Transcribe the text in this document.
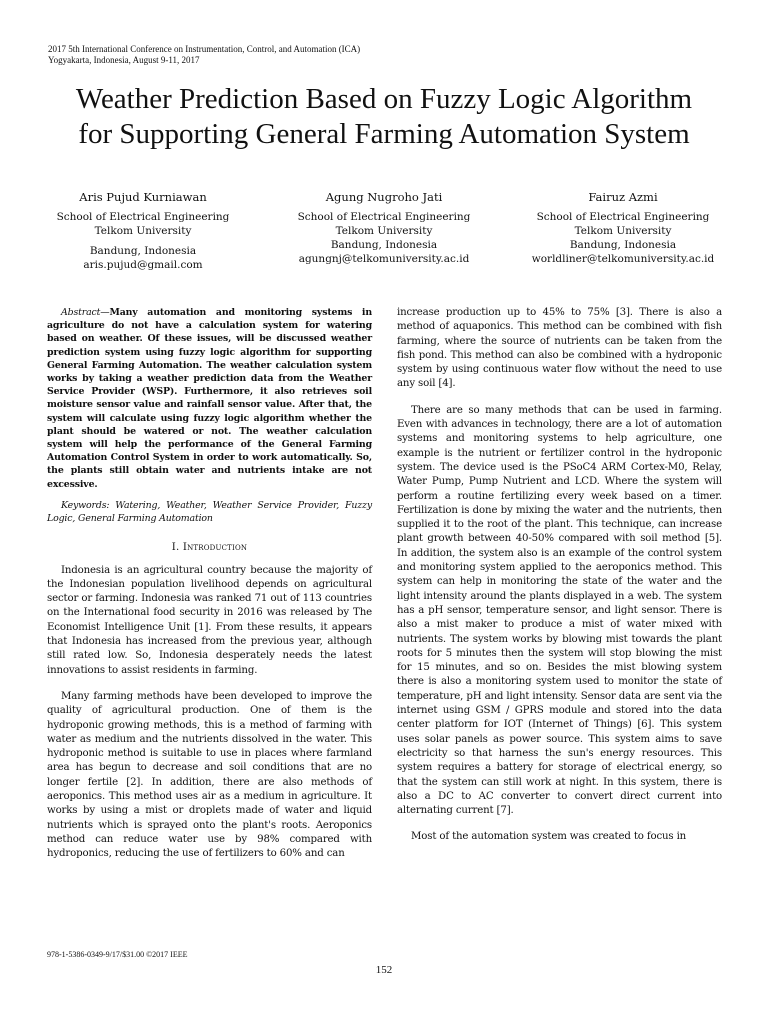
2017 5th International Conference on Instrumentation, Control, and Automation (ICA)
Yogyakarta, Indonesia, August 9-11, 2017
Weather Prediction Based on Fuzzy Logic Algorithm
for Supporting General Farming Automation System
Aris Pujud Kurniawan
School of Electrical Engineering
Telkom University
Bandung, Indonesia
aris.pujud@gmail.com
Agung Nugroho Jati
School of Electrical Engineering
Telkom University
Bandung, Indonesia
agungnj@telkomuniversity.ac.id
Fairuz Azmi
School of Electrical Engineering
Telkom University
Bandung, Indonesia
worldliner@telkomuniversity.ac.id

Abstract—Many automation and monitoring systems in agriculture do not have a calculation system for watering based on weather. Of these issues, will be discussed weather prediction system using fuzzy logic algorithm for supporting General Farming Automation. The weather calculation system works by taking a weather prediction data from the Weather Service Provider (WSP). Furthermore, it also retrieves soil moisture sensor value and rainfall sensor value. After that, the system will calculate using fuzzy logic algorithm whether the plant should be watered or not. The weather calculation system will help the performance of the General Farming Automation Control System in order to work automatically. So, the plants still obtain water and nutrients intake are not excessive.

Keywords: Watering, Weather, Weather Service Provider, Fuzzy Logic, General Farming Automation

I. Introduction

Indonesia is an agricultural country because the majority of the Indonesian population livelihood depends on agricultural sector or farming. Indonesia was ranked 71 out of 113 countries on the International food security in 2016 was released by The Economist Intelligence Unit [1]. From these results, it appears that Indonesia has increased from the previous year, although still rated low. So, Indonesia desperately needs the latest innovations to assist residents in farming.

Many farming methods have been developed to improve the quality of agricultural production. One of them is the hydroponic growing methods, this is a method of farming with water as medium and the nutrients dissolved in the water. This hydroponic method is suitable to use in places where farmland area has begun to decrease and soil conditions that are no longer fertile [2]. In addition, there are also methods of aeroponics. This method uses air as a medium in agriculture. It works by using a mist or droplets made of water and liquid nutrients which is sprayed onto the plant's roots. Aeroponics method can reduce water use by 98% compared with hydroponics, reducing the use of fertilizers to 60% and can

increase production up to 45% to 75% [3]. There is also a method of aquaponics. This method can be combined with fish farming, where the source of nutrients can be taken from the fish pond. This method can also be combined with a hydroponic system by using continuous water flow without the need to use any soil [4].

There are so many methods that can be used in farming. Even with advances in technology, there are a lot of automation systems and monitoring systems to help agriculture, one example is the nutrient or fertilizer control in the hydroponic system. The device used is the PSoC4 ARM Cortex-M0, Relay, Water Pump, Pump Nutrient and LCD. Where the system will perform a routine fertilizing every week based on a timer. Fertilization is done by mixing the water and the nutrients, then supplied it to the root of the plant. This technique, can increase plant growth between 40-50% compared with soil method [5]. In addition, the system also is an example of the control system and monitoring system applied to the aeroponics method. This system can help in monitoring the state of the water and the light intensity around the plants displayed in a web. The system has a pH sensor, temperature sensor, and light sensor. There is also a mist maker to produce a mist of water mixed with nutrients. The system works by blowing mist towards the plant roots for 5 minutes then the system will stop blowing the mist for 15 minutes, and so on. Besides the mist blowing system there is also a monitoring system used to monitor the state of temperature, pH and light intensity. Sensor data are sent via the internet using GSM / GPRS module and stored into the data center platform for IOT (Internet of Things) [6]. This system uses solar panels as power source. This system aims to save electricity so that harness the sun's energy resources. This system requires a battery for storage of electrical energy, so that the system can still work at night. In this system, there is also a DC to AC converter to convert direct current into alternating current [7].

Most of the automation system was created to focus in

978-1-5386-0349-9/17/$31.00 ©2017 IEEE
152
